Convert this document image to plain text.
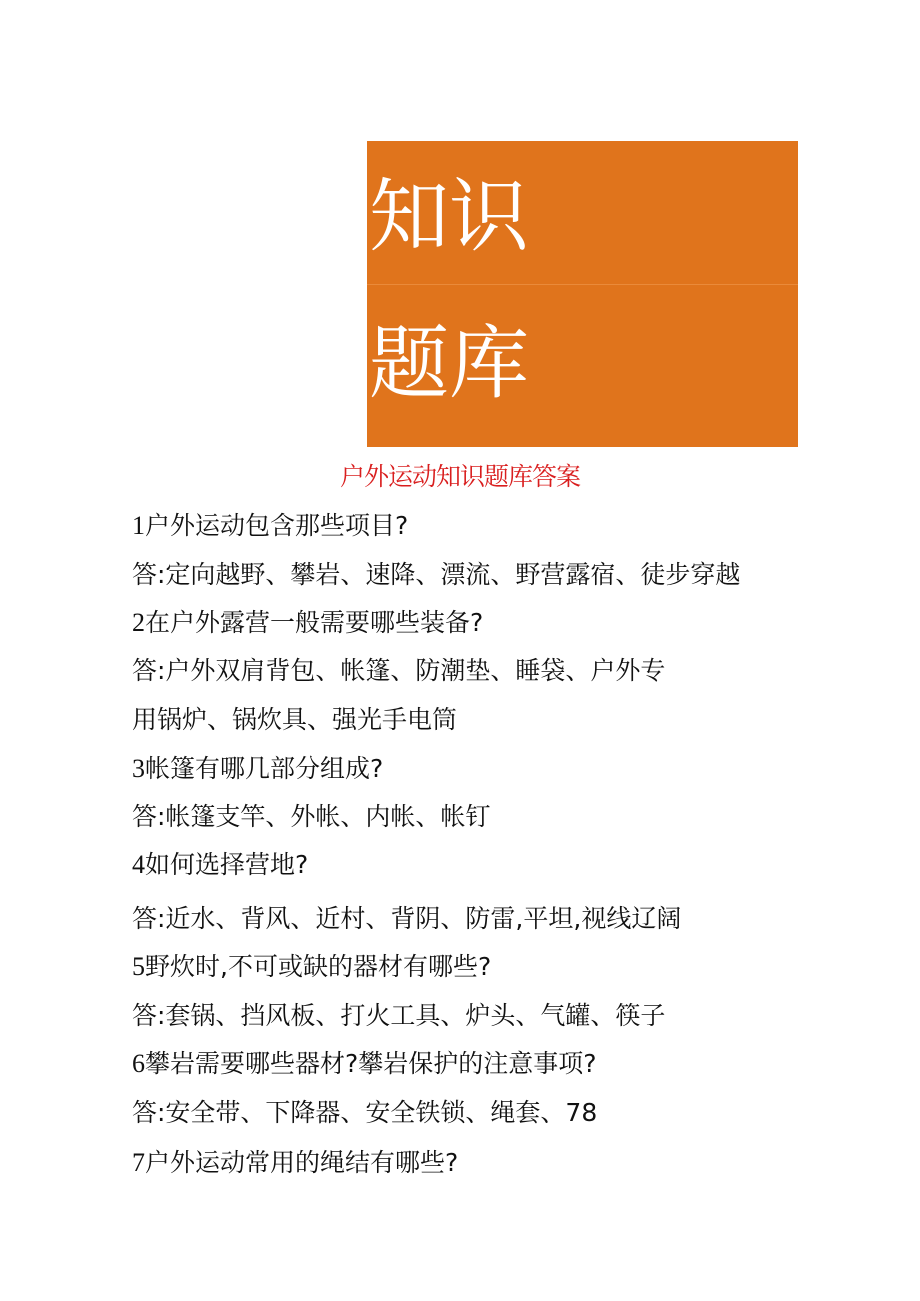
知识
题库
户外运动知识题库答案
1户外运动包含那些项目?
答:定向越野、攀岩、速降、漂流、野营露宿、徒步穿越
2在户外露营一般需要哪些装备?
答:户外双肩背包、帐篷、防潮垫、睡袋、户外专
用锅炉、锅炊具、强光手电筒
3帐篷有哪几部分组成?
答:帐篷支竿、外帐、内帐、帐钉
4如何选择营地?
答:近水、背风、近村、背阴、防雷,平坦,视线辽阔
5野炊时,不可或缺的器材有哪些?
答:套锅、挡风板、打火工具、炉头、气罐、筷子
6攀岩需要哪些器材?攀岩保护的注意事项?
答:安全带、下降器、安全铁锁、绳套、78
7户外运动常用的绳结有哪些?
